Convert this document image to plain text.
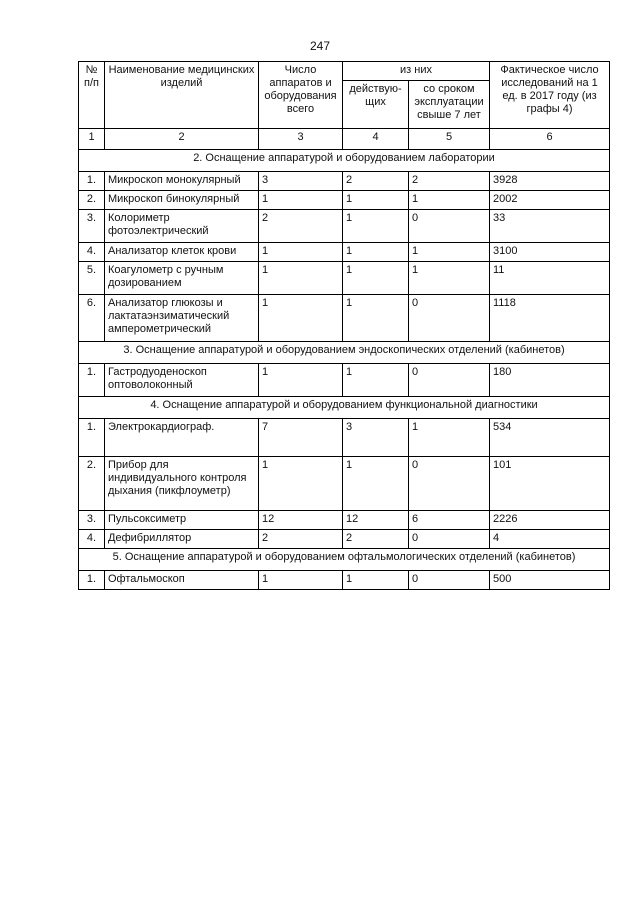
247
№ п/п	Наименование медицинских изделий	Число аппаратов и оборудования всего	из них		Фактическое число исследований на 1 ед. в 2017 году (из графы 4)
			действую-щих	со сроком эксплуатации свыше 7 лет	
1	2	3	4	5	6
2. Оснащение аппаратурой и оборудованием лаборатории					
1.	Микроскоп монокулярный	3	2	2	3928
2.	Микроскоп бинокулярный	1	1	1	2002
3.	Колориметр фотоэлектрический	2	1	0	33
4.	Анализатор клеток крови	1	1	1	3100
5.	Коагулометр с ручным дозированием	1	1	1	11
6.	Анализатор глюкозы и лактатаэнзиматический амперометрический	1	1	0	1118
3. Оснащение аппаратурой и оборудованием эндоскопических отделений (кабинетов)					
1.	Гастродуоденоскоп оптоволоконный	1	1	0	180
4. Оснащение аппаратурой и оборудованием функциональной диагностики					
1.	Электрокардиограф.	7	3	1	534
2.	Прибор для индивидуального контроля дыхания (пикфлоуметр)	1	1	0	101
3.	Пульсоксиметр	12	12	6	2226
4.	Дефибриллятор	2	2	0	4
5. Оснащение аппаратурой и оборудованием офтальмологических отделений (кабинетов)					
1.	Офтальмоскоп	1	1	0	500
